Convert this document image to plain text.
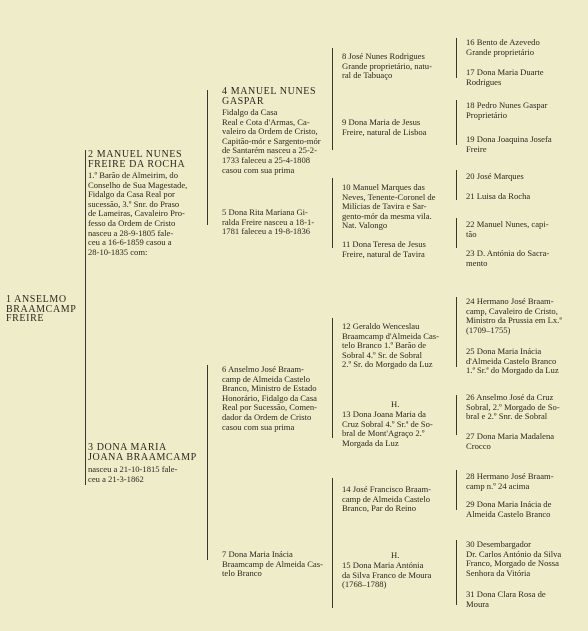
1 ANSELMO
BRAAMCAMP
FREIRE
2 MANUEL NUNES
FREIRE DA ROCHA
1.º Barão de Almeirim, do
Conselho de Sua Magestade,
Fidalgo da Casa Real por
sucessão, 3.º Snr. do Praso
de Lameiras, Cavaleiro Pro-
fesso da Ordem de Cristo
nasceu a 28-9-1805 fale-
ceu a 16-6-1859 casou a
28-10-1835 com:
3 DONA MARIA
JOANA BRAAMCAMP
nasceu a 21-10-1815 fale-
ceu a 21-3-1862
4 MANUEL NUNES
GASPAR
Fidalgo da Casa
Real e Cota d'Armas, Ca-
valeiro da Ordem de Cristo,
Capitão-mór e Sargento-mór
de Santarém nasceu a 25-2-
1733 faleceu a 25-4-1808
casou com sua prima
5 Dona Rita Mariana Gi-
ralda Freire nasceu a 18-1-
1781 faleceu a 19-8-1836
6 Anselmo José Braam-
camp de Almeida Castelo
Branco, Ministro de Estado
Honorário, Fidalgo da Casa
Real por Sucessão, Comen-
dador da Ordem de Cristo
casou com sua prima
7 Dona Maria Inácia
Braamcamp de Almeida Cas-
telo Branco
8 José Nunes Rodrigues
Grande proprietário, natu-
ral de Tabuaço
9 Dona Maria de Jesus
Freire, natural de Lisboa
10 Manuel Marques das
Neves, Tenente-Coronel de
Milícias de Tavira e Sar-
gento-mór da mesma vila.
Nat. Valongo
11 Dona Teresa de Jesus
Freire, natural de Tavira
12 Geraldo Wenceslau
Braamcamp d'Almeida Cas-
telo Branco 1.º Barão de
Sobral 4.º Sr. de Sobral
2.º Sr. do Morgado da Luz
H.
13 Dona Joana Maria da
Cruz Sobral 4.º Sr.ª de So-
bral de Mont'Agraço 2.º
Morgada da Luz
14 José Francisco Braam-
camp de Almeida Castelo
Branco, Par do Reino
H.
15 Dona Maria Antónia
da Silva Franco de Moura
(1768–1788)
16 Bento de Azevedo
Grande proprietário
17 Dona Maria Duarte
Rodrigues
18 Pedro Nunes Gaspar
Proprietário
19 Dona Joaquina Josefa
Freire
20 José Marques
21 Luisa da Rocha
22 Manuel Nunes, capi-
tão
23 D. Antónia do Sacra-
mento
24 Hermano José Braam-
camp, Cavaleiro de Cristo,
Ministro da Prussia em Lx.ª
(1709–1755)
25 Dona Maria Inácia
d'Almeida Castelo Branco
1.ª Sr.ª do Morgado da Luz
26 Anselmo José da Cruz
Sobral, 2.º Morgado de So-
bral e 2.º Snr. de Sobral
27 Dona Maria Madalena
Crocco
28 Hermano José Braam-
camp n.º 24 acima
29 Dona Maria Inácia de
Almeida Castelo Branco
30 Desembargador
Dr. Carlos António da Silva
Franco, Morgado de Nossa
Senhora da Vitória
31 Dona Clara Rosa de
Moura
